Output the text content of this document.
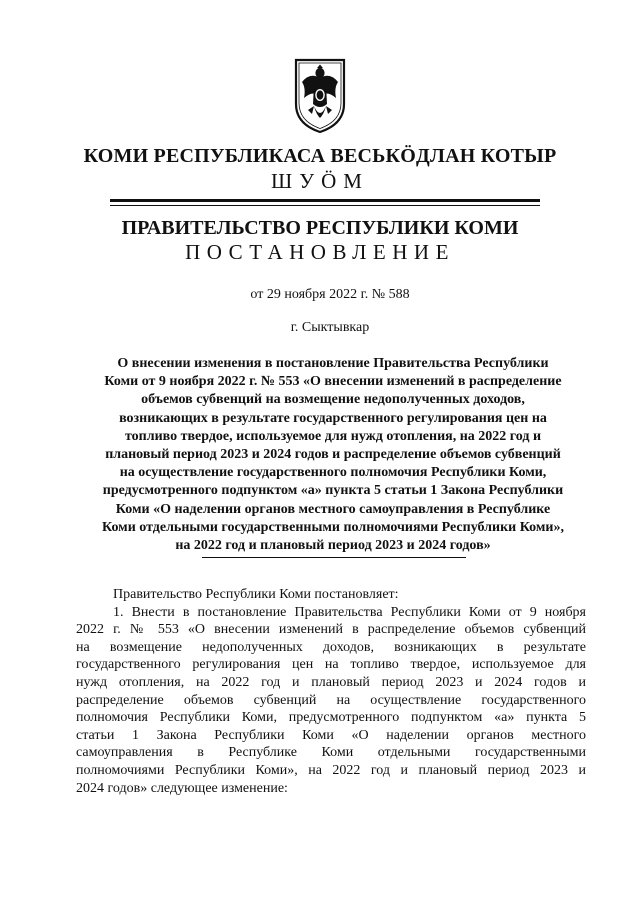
КОМИ РЕСПУБЛИКАСА ВЕСЬКӦДЛАН КОТЫР
ШУӦМ
ПРАВИТЕЛЬСТВО РЕСПУБЛИКИ КОМИ
ПОСТАНОВЛЕНИЕ
от 29 ноября 2022 г. № 588
г. Сыктывкар
О внесении изменения в постановление Правительства Республики
Коми от 9 ноября 2022 г. № 553 «О внесении изменений в распределение
объемов субвенций на возмещение недополученных доходов,
возникающих в результате государственного регулирования цен на
топливо твердое, используемое для нужд отопления, на 2022 год и
плановый период 2023 и 2024 годов и распределение объемов субвенций
на осуществление государственного полномочия Республики Коми,
предусмотренного подпунктом «а» пункта 5 статьи 1 Закона Республики
Коми «О наделении органов местного самоуправления в Республике
Коми отдельными государственными полномочиями Республики Коми»,
на 2022 год и плановый период 2023 и 2024 годов»
Правительство Республики Коми постановляет:
1. Внести в постановление Правительства Республики Коми от 9 ноября
2022 г. № 553 «О внесении изменений в распределение объемов субвенций
на возмещение недополученных доходов, возникающих в результате
государственного регулирования цен на топливо твердое, используемое для
нужд отопления, на 2022 год и плановый период 2023 и 2024 годов и
распределение объемов субвенций на осуществление государственного
полномочия Республики Коми, предусмотренного подпунктом «а» пункта 5
статьи 1 Закона Республики Коми «О наделении органов местного
самоуправления в Республике Коми отдельными государственными
полномочиями Республики Коми», на 2022 год и плановый период 2023 и
2024 годов» следующее изменение:
